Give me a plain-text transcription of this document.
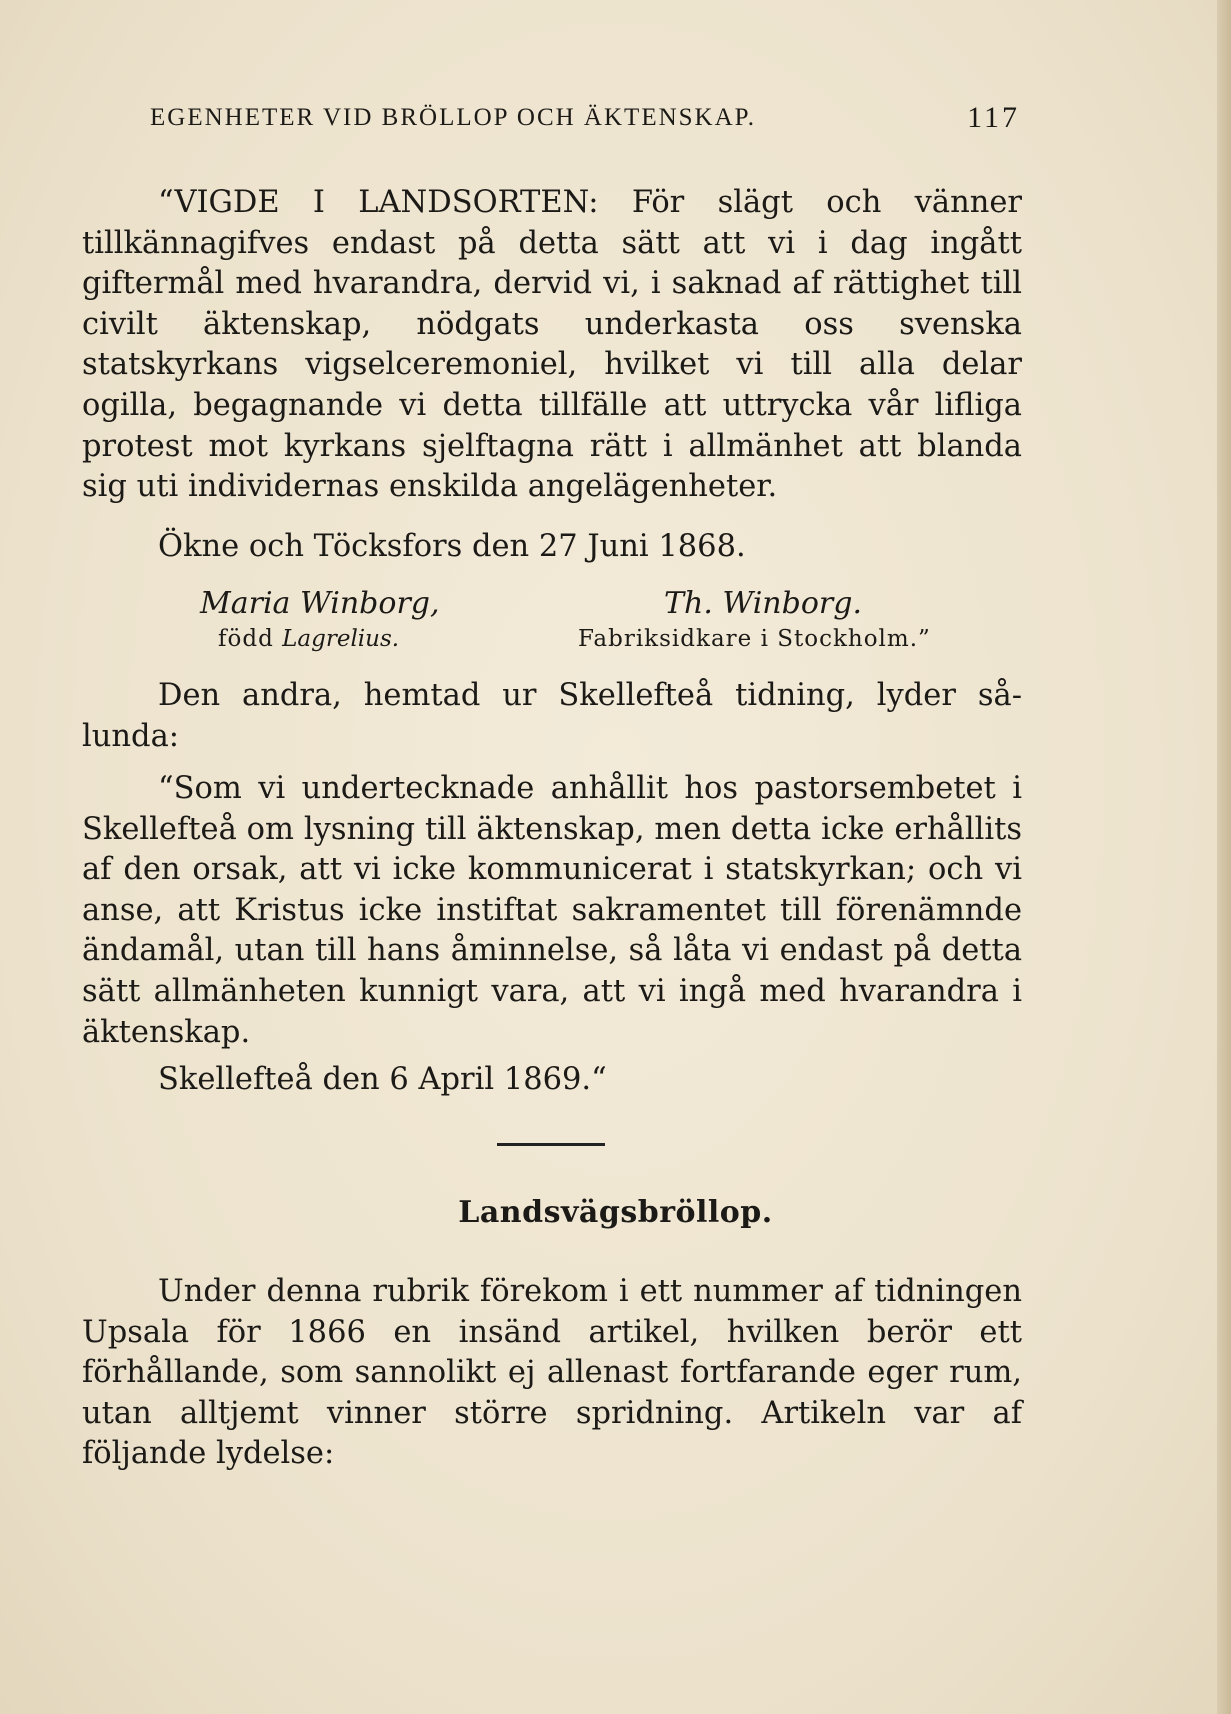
EGENHETER VID BRÖLLOP OCH ÄKTENSKAP.	117
“VIGDE I LANDSORTEN: För slägt och vänner tillkännagifves endast på detta sätt att vi i dag ingått giftermål med hvarandra, dervid vi, i saknad af rättighet till civilt äktenskap, nödgats underkasta oss svenska statskyrkans vigselceremoniel, hvilket vi till alla delar ogilla, begagnande vi detta tillfälle att uttrycka vår lifliga protest mot kyrkans sjelftagna rätt i allmänhet att blanda sig uti individernas enskilda angelägenheter.
Ökne och Töcksfors den 27 Juni 1868.
Maria Winborg,
född Lagrelius.
Th. Winborg.
Fabriksidkare i Stockholm.”
Den andra, hemtad ur Skellefteå tidning, lyder sålunda:
“Som vi undertecknade anhållit hos pastorsembetet i Skellefteå om lysning till äktenskap, men detta icke erhållits af den orsak, att vi icke kommunicerat i statskyrkan; och vi anse, att Kristus icke instiftat sakramentet till förenämnde ändamål, utan till hans åminnelse, så låta vi endast på detta sätt allmänheten kunnigt vara, att vi ingå med hvarandra i äktenskap.
Skellefteå den 6 April 1869.“
Landsvägsbröllop.
Under denna rubrik förekom i ett nummer af tidningen Upsala för 1866 en insänd artikel, hvilken berör ett förhållande, som sannolikt ej allenast fortfarande eger rum, utan alltjemt vinner större spridning. Artikeln var af följande lydelse:
